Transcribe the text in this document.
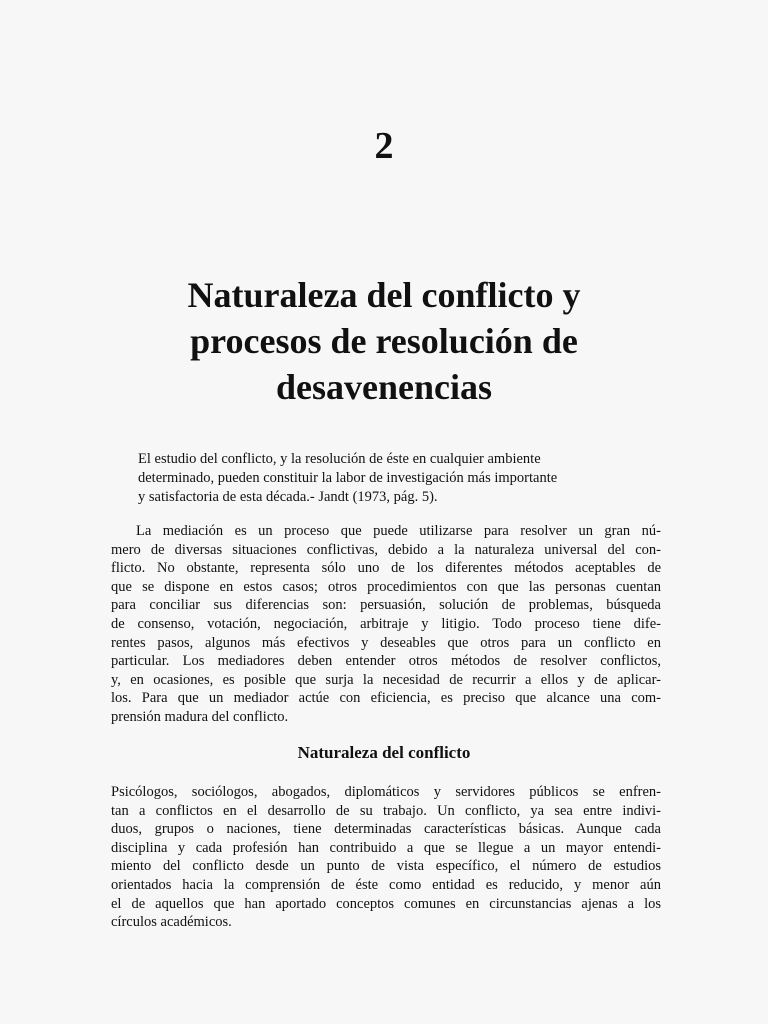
2
Naturaleza del conflicto y
procesos de resolución de
desavenencias
El estudio del conflicto, y la resolución de éste en cualquier ambiente
determinado, pueden constituir la labor de investigación más importante
y satisfactoria de esta década.- Jandt (1973, pág. 5).
La mediación es un proceso que puede utilizarse para resolver un gran nú-
mero de diversas situaciones conflictivas, debido a la naturaleza universal del con-
flicto. No obstante, representa sólo uno de los diferentes métodos aceptables de
que se dispone en estos casos; otros procedimientos con que las personas cuentan
para conciliar sus diferencias son: persuasión, solución de problemas, búsqueda
de consenso, votación, negociación, arbitraje y litigio. Todo proceso tiene dife-
rentes pasos, algunos más efectivos y deseables que otros para un conflicto en
particular. Los mediadores deben entender otros métodos de resolver conflictos,
y, en ocasiones, es posible que surja la necesidad de recurrir a ellos y de aplicar-
los. Para que un mediador actúe con eficiencia, es preciso que alcance una com-
prensión madura del conflicto.
Naturaleza del conflicto
Psicólogos, sociólogos, abogados, diplomáticos y servidores públicos se enfren-
tan a conflictos en el desarrollo de su trabajo. Un conflicto, ya sea entre indivi-
duos, grupos o naciones, tiene determinadas características básicas. Aunque cada
disciplina y cada profesión han contribuido a que se llegue a un mayor entendi-
miento del conflicto desde un punto de vista específico, el número de estudios
orientados hacia la comprensión de éste como entidad es reducido, y menor aún
el de aquellos que han aportado conceptos comunes en circunstancias ajenas a los
círculos académicos.
